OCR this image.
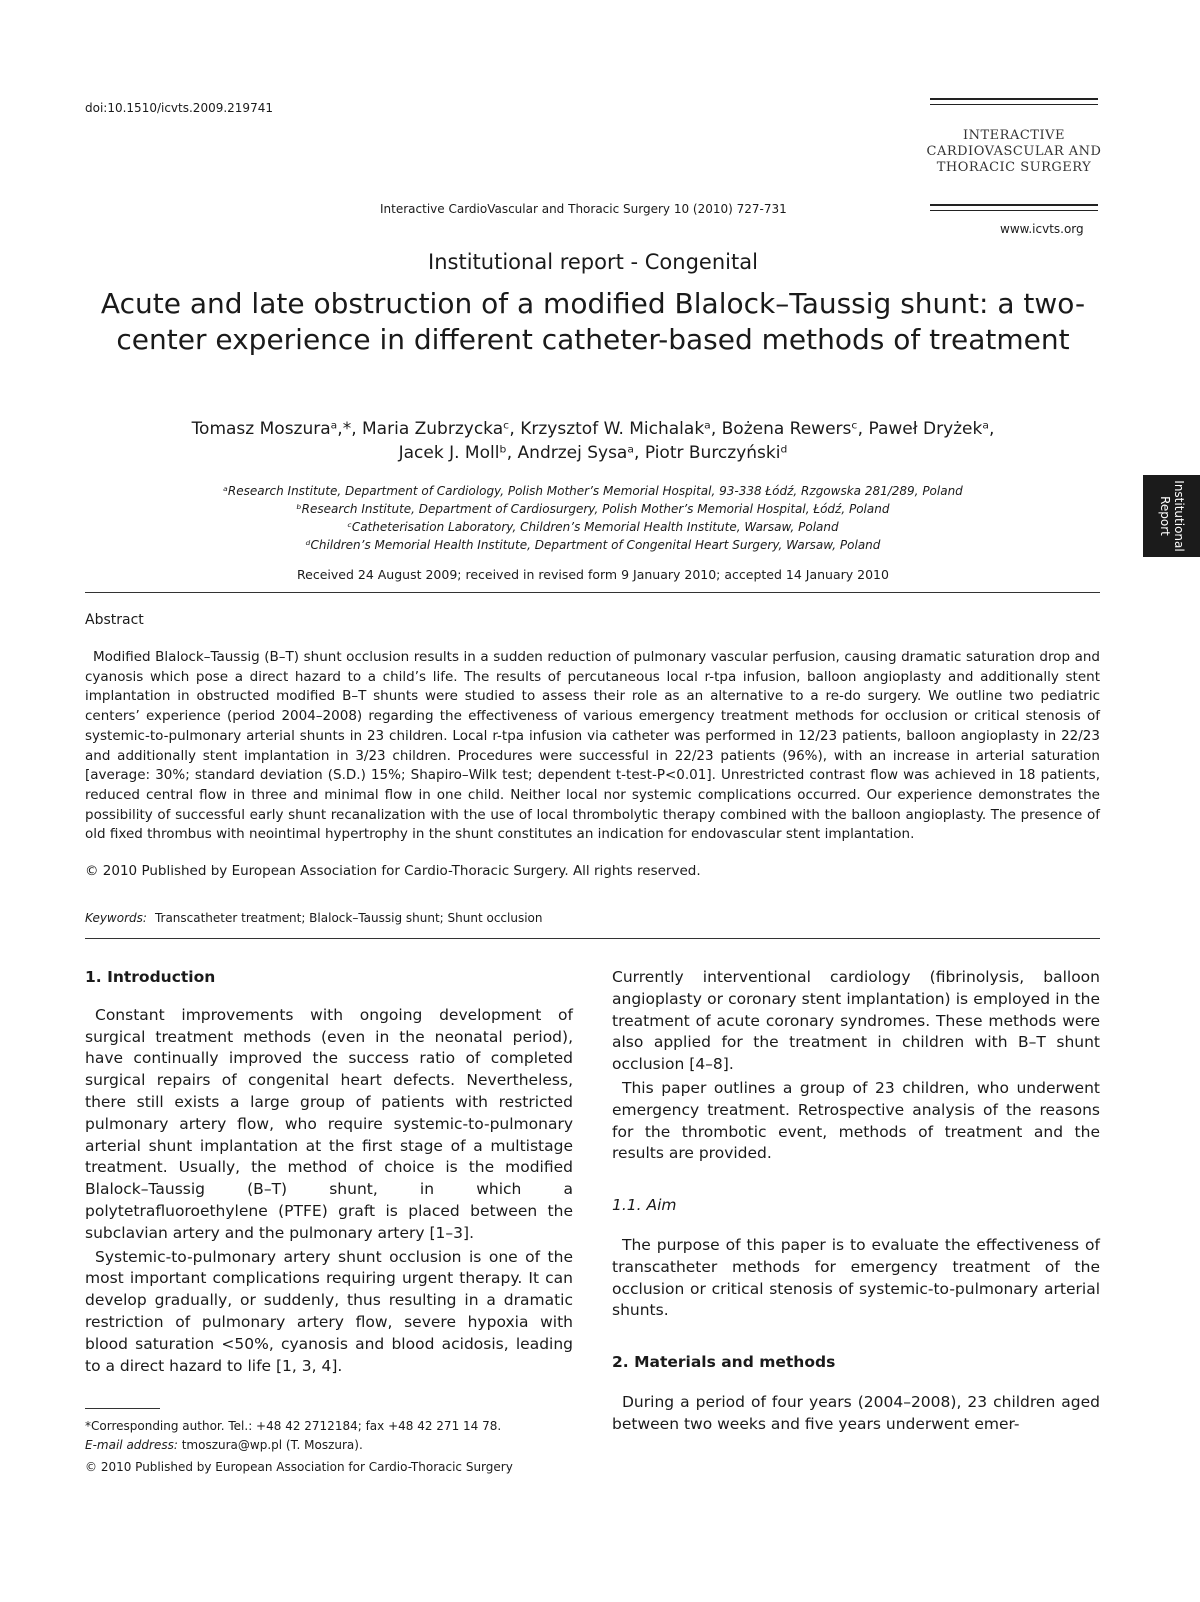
doi:10.1510/icvts.2009.219741
INTERACTIVE
CARDIOVASCULAR AND
THORACIC SURGERY
Interactive CardioVascular and Thoracic Surgery 10 (2010) 727-731
www.icvts.org
Institutional
Report
Institutional report - Congenital
Acute and late obstruction of a modified Blalock–Taussig shunt: a two-center experience in different catheter-based methods of treatment
Tomasz Moszuraᵃ,*, Maria Zubrzyckaᶜ, Krzysztof W. Michalakᵃ, Bożena Rewersᶜ, Paweł Dryżekᵃ,
Jacek J. Mollᵇ, Andrzej Sysaᵃ, Piotr Burczyńskiᵈ
ᵃResearch Institute, Department of Cardiology, Polish Mother’s Memorial Hospital, 93-338 Łódź, Rzgowska 281/289, Poland
ᵇResearch Institute, Department of Cardiosurgery, Polish Mother’s Memorial Hospital, Łódź, Poland
ᶜCatheterisation Laboratory, Children’s Memorial Health Institute, Warsaw, Poland
ᵈChildren’s Memorial Health Institute, Department of Congenital Heart Surgery, Warsaw, Poland
Received 24 August 2009; received in revised form 9 January 2010; accepted 14 January 2010
Abstract

Modified Blalock–Taussig (B–T) shunt occlusion results in a sudden reduction of pulmonary vascular perfusion, causing dramatic saturation drop and cyanosis which pose a direct hazard to a child’s life. The results of percutaneous local r-tpa infusion, balloon angioplasty and additionally stent implantation in obstructed modified B–T shunts were studied to assess their role as an alternative to a re-do surgery. We outline two pediatric centers’ experience (period 2004–2008) regarding the effectiveness of various emergency treatment methods for occlusion or critical stenosis of systemic-to-pulmonary arterial shunts in 23 children. Local r-tpa infusion via catheter was performed in 12/23 patients, balloon angioplasty in 22/23 and additionally stent implantation in 3/23 children. Procedures were successful in 22/23 patients (96%), with an increase in arterial saturation [average: 30%; standard deviation (S.D.) 15%; Shapiro–Wilk test; dependent t-test-P<0.01]. Unrestricted contrast flow was achieved in 18 patients, reduced central flow in three and minimal flow in one child. Neither local nor systemic complications occurred. Our experience demonstrates the possibility of successful early shunt recanalization with the use of local thrombolytic therapy combined with the balloon angioplasty. The presence of old fixed thrombus with neointimal hypertrophy in the shunt constitutes an indication for endovascular stent implantation.

© 2010 Published by European Association for Cardio-Thoracic Surgery. All rights reserved.
Keywords: Transcatheter treatment; Blalock–Taussig shunt; Shunt occlusion
1. Introduction

Constant improvements with ongoing development of surgical treatment methods (even in the neonatal period), have continually improved the success ratio of completed surgical repairs of congenital heart defects. Nevertheless, there still exists a large group of patients with restricted pulmonary artery flow, who require systemic-to-pulmonary arterial shunt implantation at the first stage of a multistage treatment. Usually, the method of choice is the modified Blalock–Taussig (B–T) shunt, in which a polytetrafluoroethylene (PTFE) graft is placed between the subclavian artery and the pulmonary artery [1–3].

Systemic-to-pulmonary artery shunt occlusion is one of the most important complications requiring urgent therapy. It can develop gradually, or suddenly, thus resulting in a dramatic restriction of pulmonary artery flow, severe hypoxia with blood saturation <50%, cyanosis and blood acidosis, leading to a direct hazard to life [1, 3, 4].

Currently interventional cardiology (fibrinolysis, balloon angioplasty or coronary stent implantation) is employed in the treatment of acute coronary syndromes. These methods were also applied for the treatment in children with B–T shunt occlusion [4–8].

This paper outlines a group of 23 children, who underwent emergency treatment. Retrospective analysis of the reasons for the thrombotic event, methods of treatment and the results are provided.

1.1. Aim

The purpose of this paper is to evaluate the effectiveness of transcatheter methods for emergency treatment of the occlusion or critical stenosis of systemic-to-pulmonary arterial shunts.

2. Materials and methods

During a period of four years (2004–2008), 23 children aged between two weeks and five years underwent emer-

*Corresponding author. Tel.: +48 42 2712184; fax +48 42 271 14 78.
E-mail address: tmoszura@wp.pl (T. Moszura).
© 2010 Published by European Association for Cardio-Thoracic Surgery
